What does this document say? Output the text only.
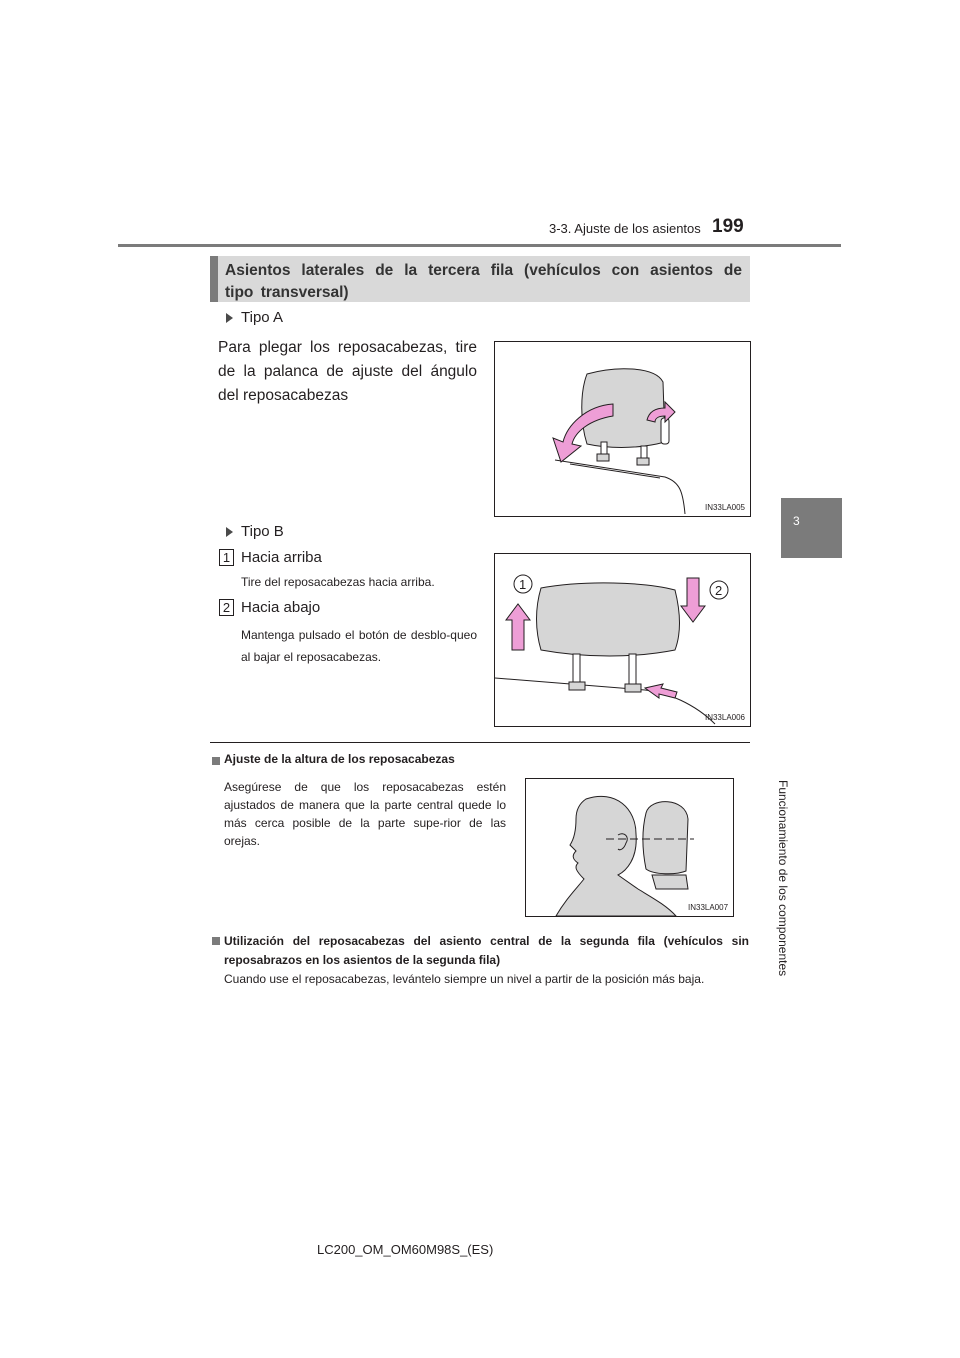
3-3. Ajuste de los asientos 199
3
Funcionamiento de los componentes
Asientos laterales de la tercera fila (vehículos con asientos de tipo transversal)
Tipo A
Para plegar los reposacabezas, tire de la palanca de ajuste del ángulo del reposacabezas
IN33LA005
Tipo B
1 Hacia arriba
Tire del reposacabezas hacia arriba.
2 Hacia abajo
Mantenga pulsado el botón de desblo-queo al bajar el reposacabezas.
1	2
IN33LA006
Ajuste de la altura de los reposacabezas
Asegúrese de que los reposacabezas estén ajustados de manera que la parte central quede lo más cerca posible de la parte supe-rior de las orejas.
IN33LA007
Utilización del reposacabezas del asiento central de la segunda fila (vehículos sin reposabrazos en los asientos de la segunda fila)
Cuando use el reposacabezas, levántelo siempre un nivel a partir de la posición más baja.
LC200_OM_OM60M98S_(ES)
